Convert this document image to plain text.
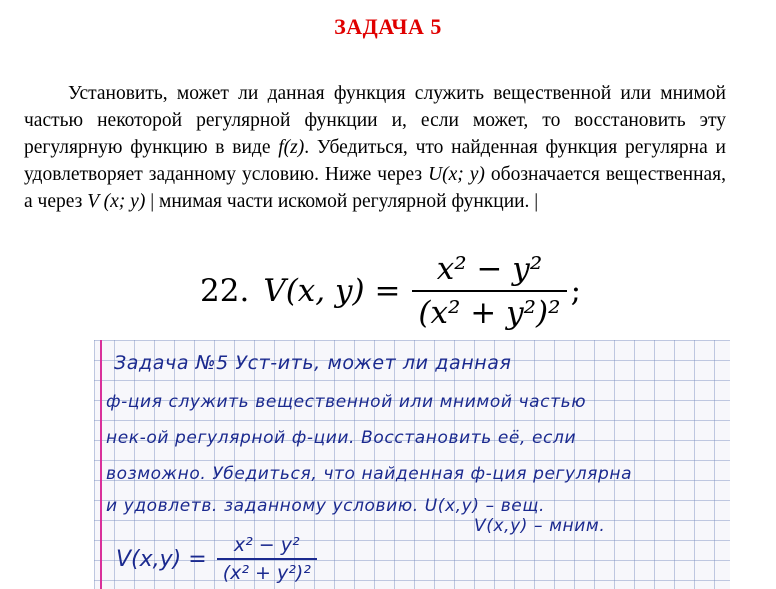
ЗАДАЧА 5
Установить, может ли данная функция служить вещественной или мнимой частью некоторой регулярной функции и, если может, то восстановить эту регулярную функцию в виде f(z). Убедиться, что найденная функция регулярна и удовлетворяет заданному условию. Ниже через U(x; y) обозначается вещественная, а через V (x; y) | мнимая части искомой регулярной функции. |
22. V(x, $y) = \frac{\text{x² − y²}}{\text{(x² + y²)²}}$ ;
Задача №5 Уст-ить, может ли данная
ф-ция служить вещественной или мнимой частью
нек-ой регулярной ф-ции. Восстановить её, если
возможно. Убедиться, что найденная ф-ция регулярна
и удовлетв. заданному условию. U(x,y) – вещ.
V(x,y) – мним.
$V(x,y) = \frac{\text{x² − y²}}{\text{(x² + y²)²}}$
